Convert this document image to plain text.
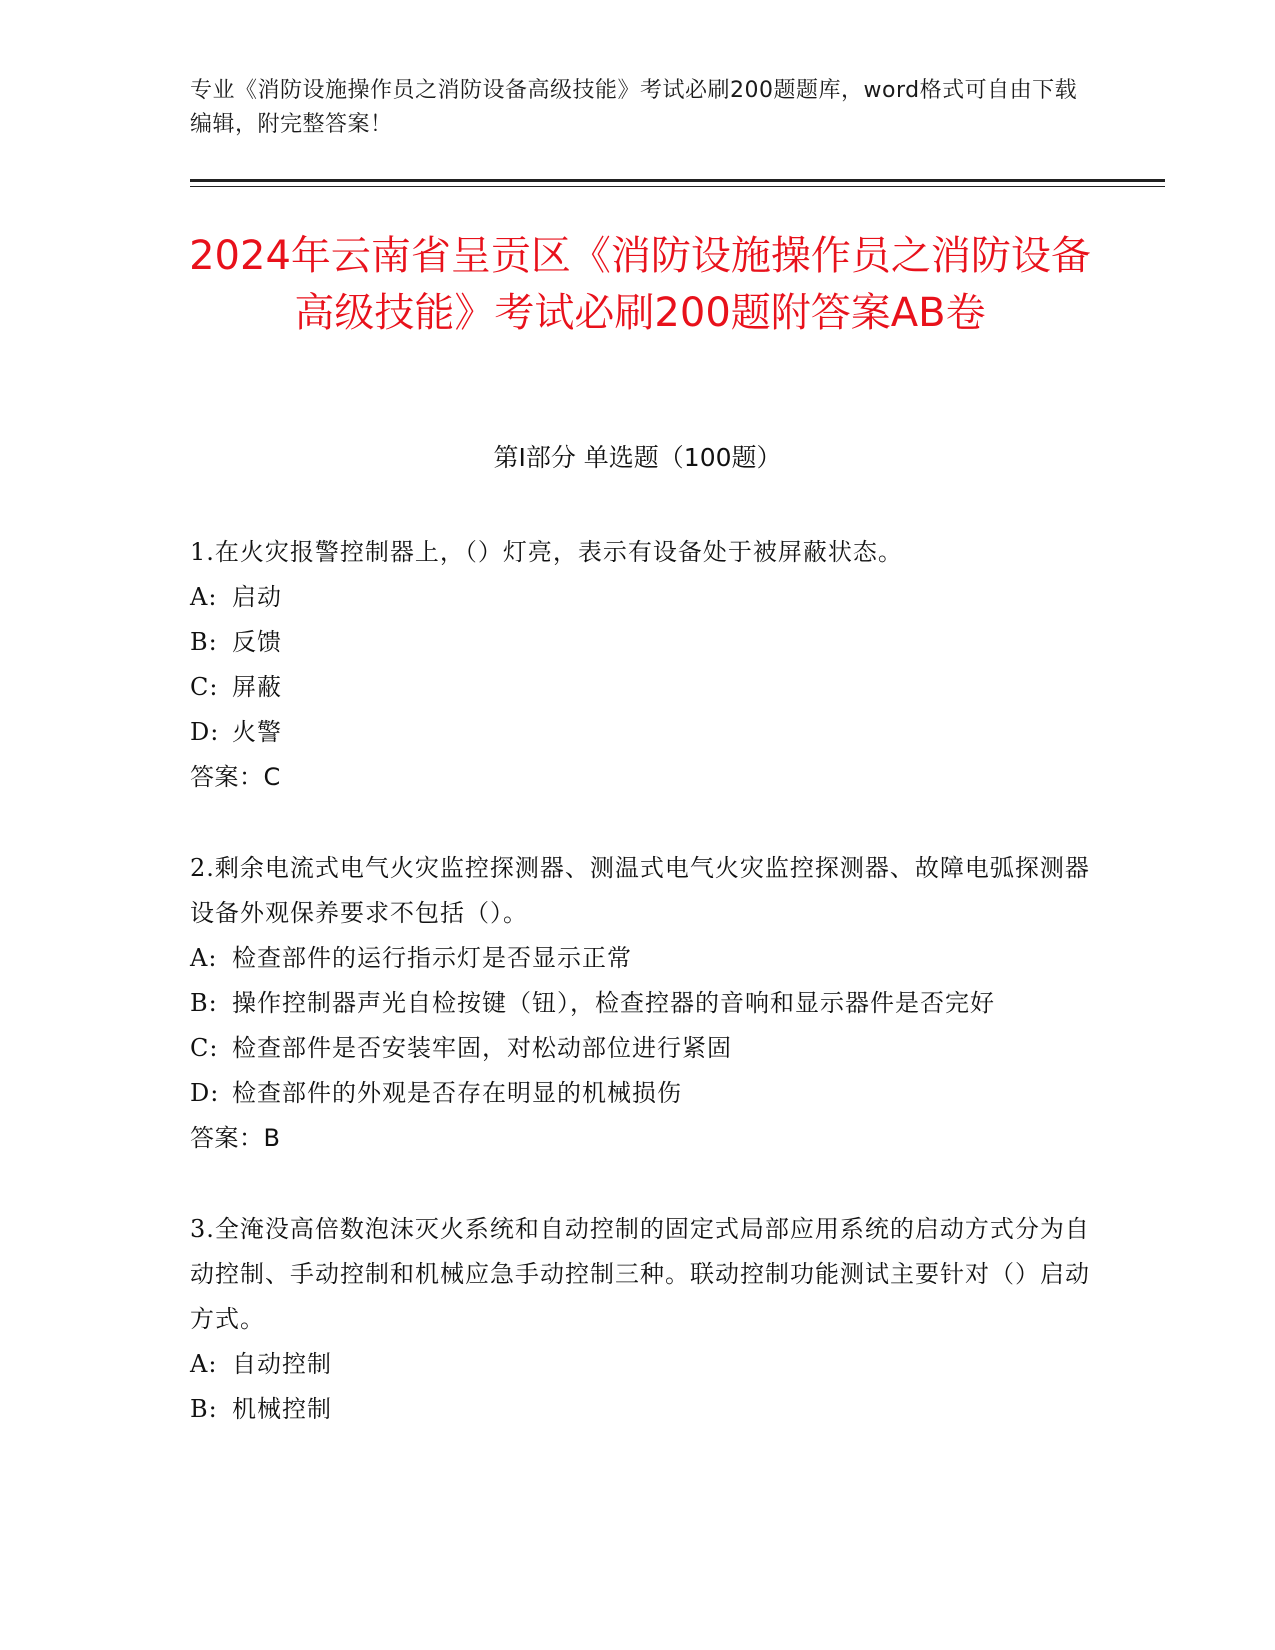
专业《消防设施操作员之消防设备高级技能》考试必刷200题题库，word格式可自由下载编辑，附完整答案！
2024年云南省呈贡区《消防设施操作员之消防设备高级技能》考试必刷200题附答案AB卷
第I部分 单选题（100题）
1.在火灾报警控制器上，（）灯亮，表示有设备处于被屏蔽状态。
A: 启动
B: 反馈
C: 屏蔽
D: 火警
答案：C
2.剩余电流式电气火灾监控探测器、测温式电气火灾监控探测器、故障电弧探测器设备外观保养要求不包括（）。
A: 检查部件的运行指示灯是否显示正常
B: 操作控制器声光自检按键（钮），检查控器的音响和显示器件是否完好
C: 检查部件是否安装牢固，对松动部位进行紧固
D: 检查部件的外观是否存在明显的机械损伤
答案：B
3.全淹没高倍数泡沫灭火系统和自动控制的固定式局部应用系统的启动方式分为自动控制、手动控制和机械应急手动控制三种。联动控制功能测试主要针对（）启动方式。
A: 自动控制
B: 机械控制
